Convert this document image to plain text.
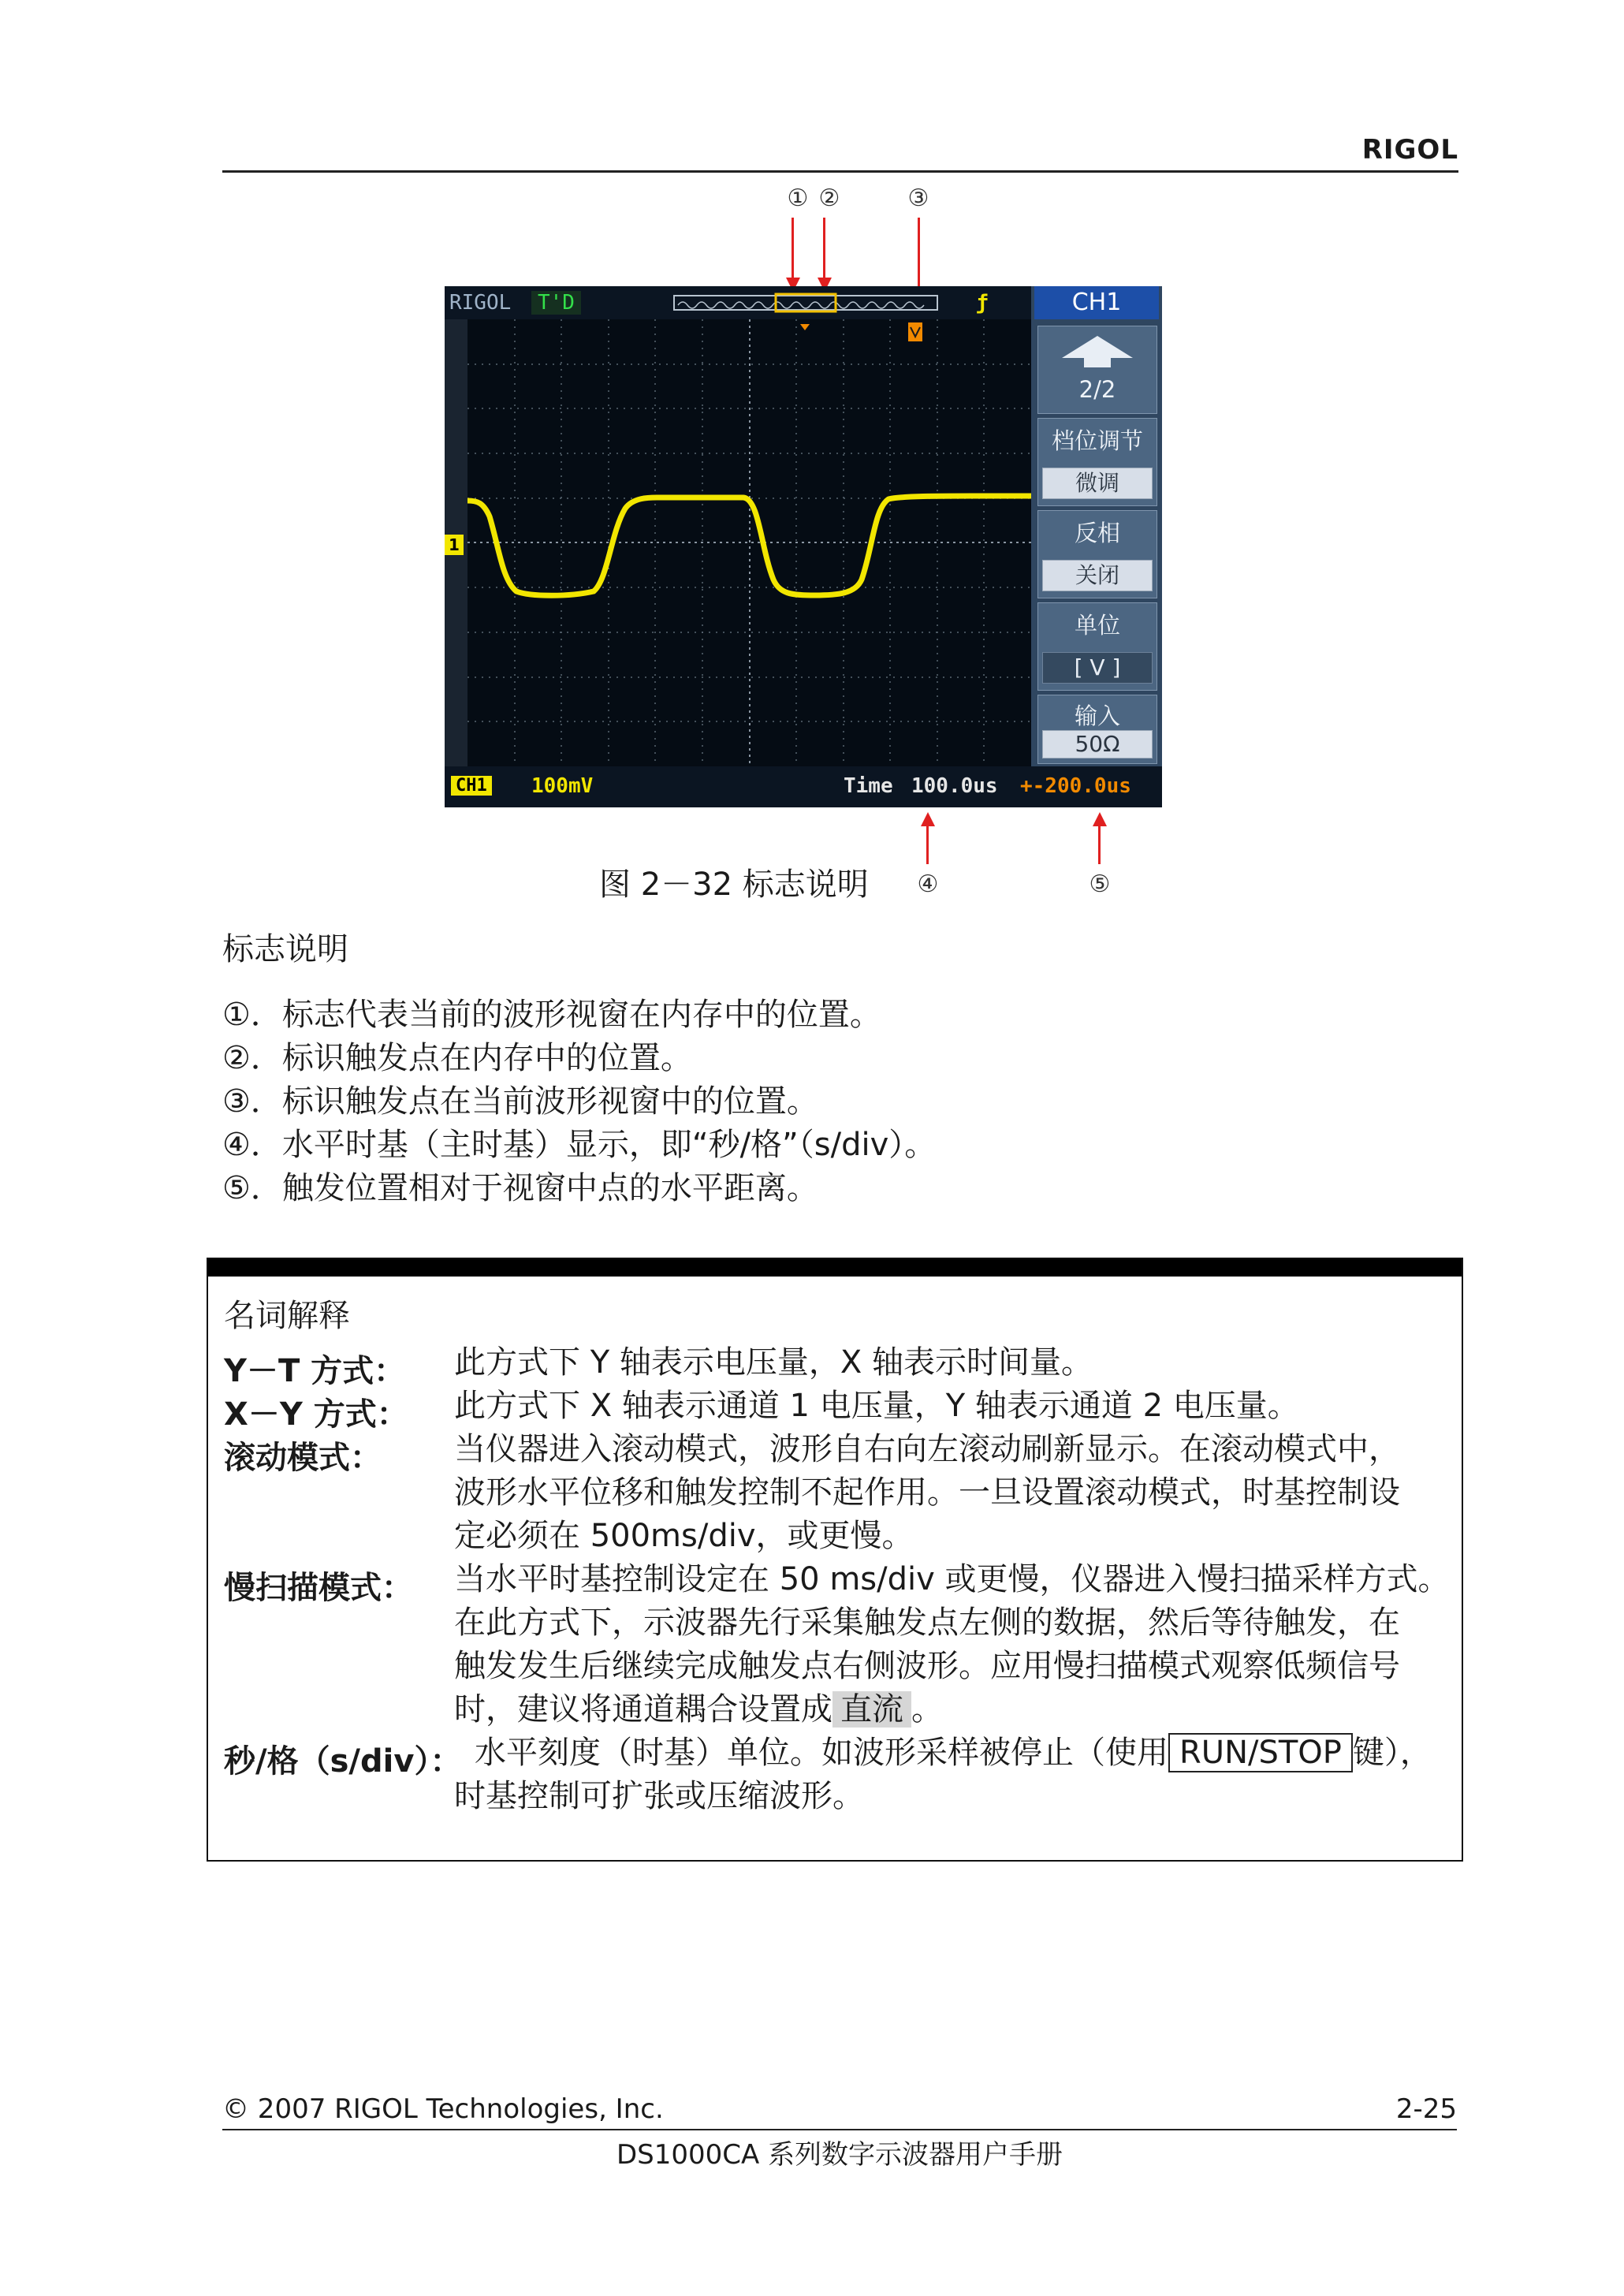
RIGOL
① ②	③
RIGOL	T'D	ƒ
1
CH1
2/2
档位调节
微调
反相
关闭
单位
[ V ]
输入
50Ω
CH1 100mV	Time 100.0us +-200.0us
④	⑤
图 2－32 标志说明
标志说明
①．标志代表当前的波形视窗在内存中的位置。
②．标识触发点在内存中的位置。
③．标识触发点在当前波形视窗中的位置。
④．水平时基（主时基）显示，即“秒/格”（s/div）。
⑤．触发位置相对于视窗中点的水平距离。
名词解释
Y－T 方式： 此方式下 Y 轴表示电压量，X 轴表示时间量。
X－Y 方式： 此方式下 X 轴表示通道 1 电压量，Y 轴表示通道 2 电压量。
滚动模式： 当仪器进入滚动模式，波形自右向左滚动刷新显示。在滚动模式中，
波形水平位移和触发控制不起作用。一旦设置滚动模式，时基控制设
定必须在 500ms/div，或更慢。
慢扫描模式： 当水平时基控制设定在 50 ms/div 或更慢，仪器进入慢扫描采样方式。
在此方式下，示波器先行采集触发点左侧的数据，然后等待触发，在
触发发生后继续完成触发点右侧波形。应用慢扫描模式观察低频信号
时，建议将通道耦合设置成 直流 。
秒/格（s/div）： 水平刻度（时基）单位。如波形采样被停止（使用 RUN/STOP 键），
时基控制可扩张或压缩波形。
© 2007 RIGOL Technologies, Inc.	2-25
DS1000CA 系列数字示波器用户手册
